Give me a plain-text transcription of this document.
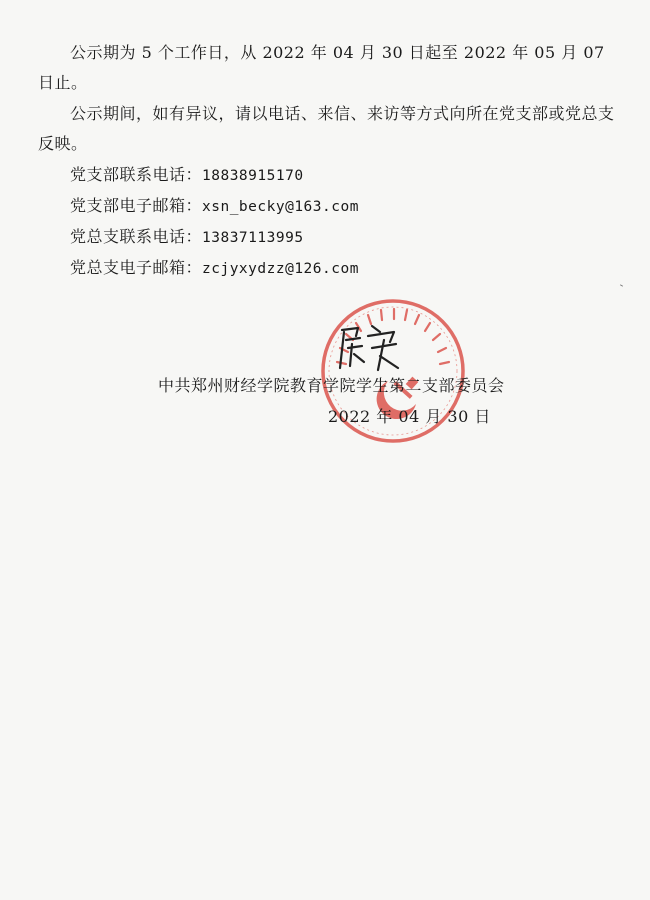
公示期为 5 个工作日，从 2022 年 04 月 30 日起至 2022 年 05 月 07 日止。

公示期间，如有异议，请以电话、来信、来访等方式向所在党支部或党总支反映。

党支部联系电话：18838915170
党支部电子邮箱：xsn_becky@163.com
党总支联系电话：13837113995
党总支电子邮箱：zcjyxydzz@126.com
中共郑州财经学院教育学院学生第二支部委员会
2022 年 04 月 30 日
